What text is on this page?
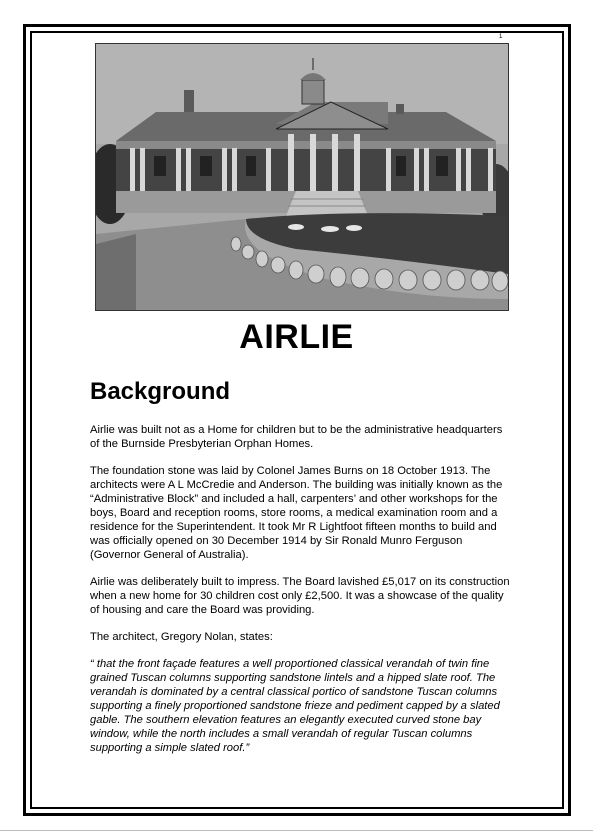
1
AIRLIE
Background

Airlie was built not as a Home for children but to be the administrative headquarters of the Burnside Presbyterian Orphan Homes.

The foundation stone was laid by Colonel James Burns on 18 October 1913. The architects were A L McCredie and Anderson. The building was initially known as the “Administrative Block” and included a hall, carpenters’ and other workshops for the boys, Board and reception rooms, store rooms, a medical examination room and a residence for the Superintendent. It took Mr R Lightfoot fifteen months to build and was officially opened on 30 December 1914 by Sir Ronald Munro Ferguson (Governor General of Australia).

Airlie was deliberately built to impress. The Board lavished £5,017 on its construction when a new home for 30 children cost only £2,500. It was a showcase of the quality of housing and care the Board was providing.

The architect, Gregory Nolan, states:

“ that the front façade features a well proportioned classical verandah of twin fine grained Tuscan columns supporting sandstone lintels and a hipped slate roof. The verandah is dominated by a central classical portico of sandstone Tuscan columns supporting a finely proportioned sandstone frieze and pediment capped by a slated gable. The southern elevation features an elegantly executed curved stone bay window, while the north includes a small verandah of regular Tuscan columns supporting a simple slated roof.”
